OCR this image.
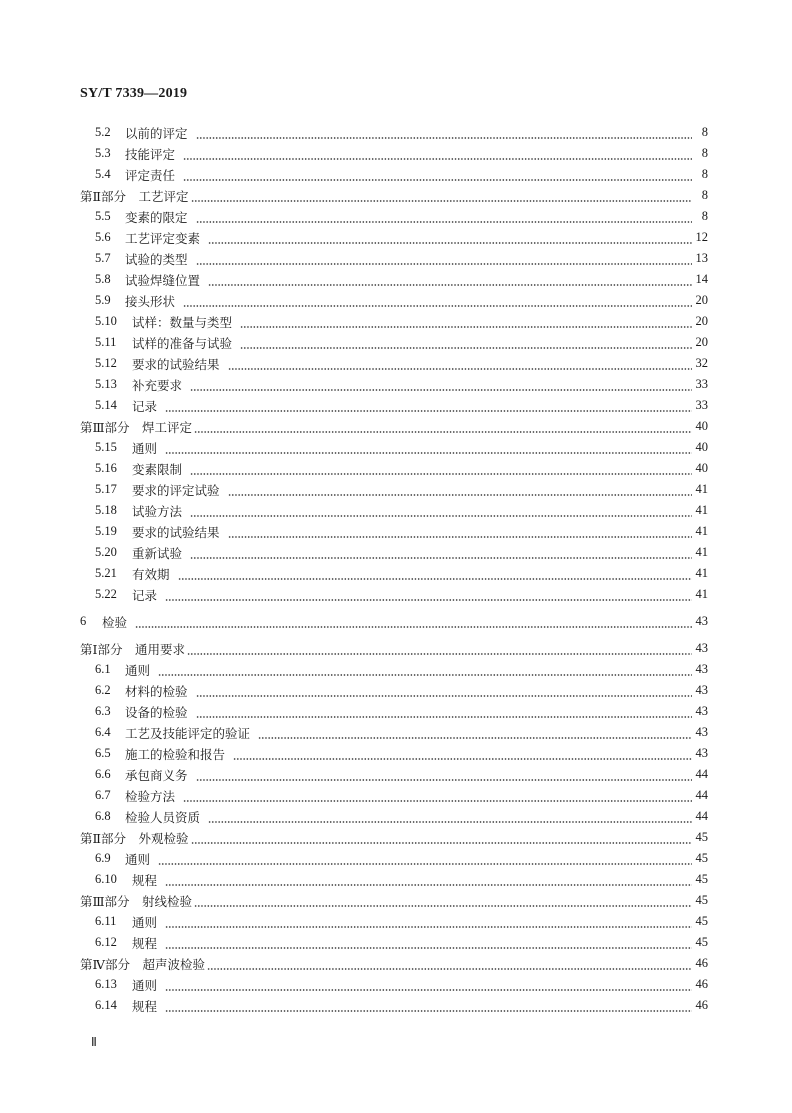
SY/T 7339—2019
5.2	以前的评定	8
5.3	技能评定	8
5.4	评定责任	8
第Ⅱ部分　工艺评定	8
5.5	变素的限定	8
5.6	工艺评定变素	12
5.7	试验的类型	13
5.8	试验焊缝位置	14
5.9	接头形状	20
5.10	试样：数量与类型	20
5.11	试样的准备与试验	20
5.12	要求的试验结果	32
5.13	补充要求	33
5.14	记录	33
第Ⅲ部分　焊工评定	40
5.15	通则	40
5.16	变素限制	40
5.17	要求的评定试验	41
5.18	试验方法	41
5.19	要求的试验结果	41
5.20	重新试验	41
5.21	有效期	41
5.22	记录	41
6	检验	43
第Ⅰ部分　通用要求	43
6.1	通则	43
6.2	材料的检验	43
6.3	设备的检验	43
6.4	工艺及技能评定的验证	43
6.5	施工的检验和报告	43
6.6	承包商义务	44
6.7	检验方法	44
6.8	检验人员资质	44
第Ⅱ部分　外观检验	45
6.9	通则	45
6.10	规程	45
第Ⅲ部分　射线检验	45
6.11	通则	45
6.12	规程	45
第Ⅳ部分　超声波检验	46
6.13	通则	46
6.14	规程	46
Ⅱ
